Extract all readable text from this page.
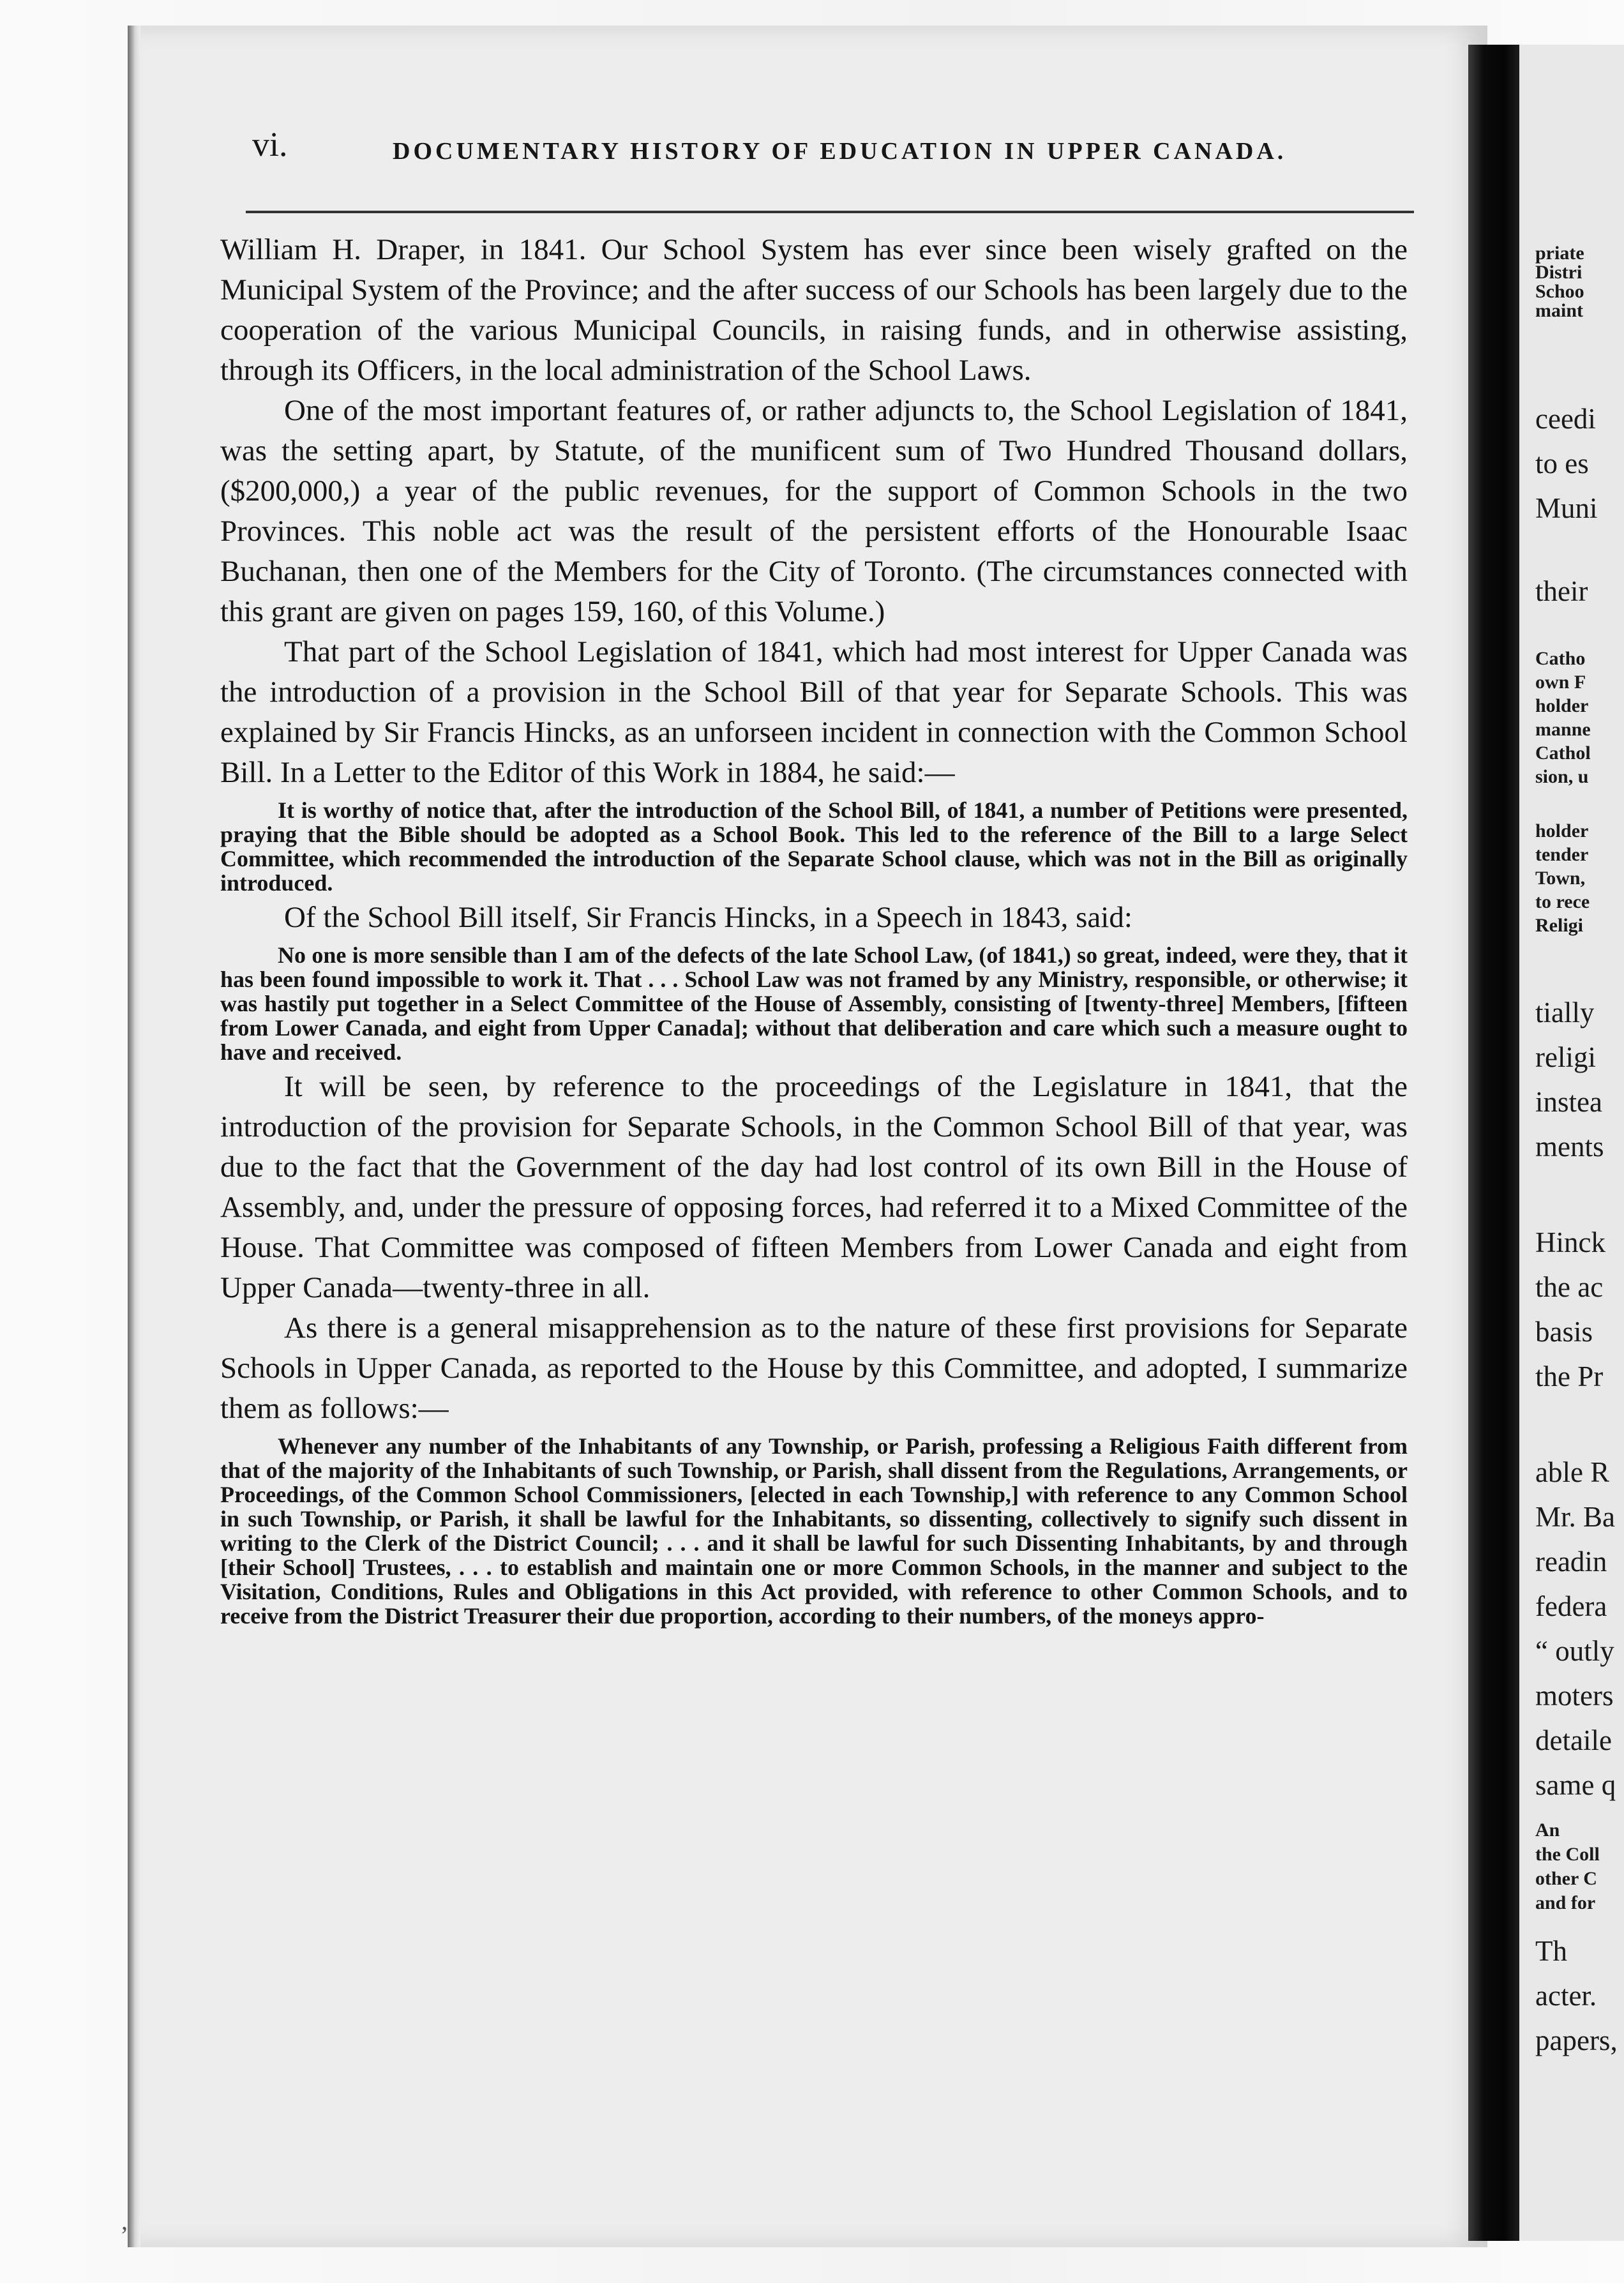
vi.	DOCUMENTARY HISTORY OF EDUCATION IN UPPER CANADA.

William H. Draper, in 1841. Our School System has ever since been wisely grafted on the Municipal System of the Province; and the after success of our Schools has been largely due to the cooperation of the various Municipal Councils, in raising funds, and in otherwise assisting, through its Officers, in the local administration of the School Laws.

One of the most important features of, or rather adjuncts to, the School Legislation of 1841, was the setting apart, by Statute, of the munificent sum of Two Hundred Thousand dollars, ($200,000,) a year of the public revenues, for the support of Common Schools in the two Provinces. This noble act was the result of the persistent efforts of the Honourable Isaac Buchanan, then one of the Members for the City of Toronto. (The circumstances connected with this grant are given on pages 159, 160, of this Volume.)

That part of the School Legislation of 1841, which had most interest for Upper Canada was the introduction of a provision in the School Bill of that year for Separate Schools. This was explained by Sir Francis Hincks, as an unforseen incident in connection with the Common School Bill. In a Letter to the Editor of this Work in 1884, he said:—

It is worthy of notice that, after the introduction of the School Bill, of 1841, a number of Petitions were presented, praying that the Bible should be adopted as a School Book. This led to the reference of the Bill to a large Select Committee, which recommended the introduction of the Separate School clause, which was not in the Bill as originally introduced.

Of the School Bill itself, Sir Francis Hincks, in a Speech in 1843, said:

No one is more sensible than I am of the defects of the late School Law, (of 1841,) so great, indeed, were they, that it has been found impossible to work it. That . . . School Law was not framed by any Ministry, responsible, or otherwise; it was hastily put together in a Select Committee of the House of Assembly, consisting of [twenty-three] Members, [fifteen from Lower Canada, and eight from Upper Canada]; without that deliberation and care which such a measure ought to have and received.

It will be seen, by reference to the proceedings of the Legislature in 1841, that the introduction of the provision for Separate Schools, in the Common School Bill of that year, was due to the fact that the Government of the day had lost control of its own Bill in the House of Assembly, and, under the pressure of opposing forces, had referred it to a Mixed Committee of the House. That Committee was composed of fifteen Members from Lower Canada and eight from Upper Canada—twenty-three in all.

As there is a general misapprehension as to the nature of these first provisions for Separate Schools in Upper Canada, as reported to the House by this Committee, and adopted, I summarize them as follows:—

Whenever any number of the Inhabitants of any Township, or Parish, professing a Religious Faith different from that of the majority of the Inhabitants of such Township, or Parish, shall dissent from the Regulations, Arrangements, or Proceedings, of the Common School Commissioners, [elected in each Township,] with reference to any Common School in such Township, or Parish, it shall be lawful for the Inhabitants, so dissenting, collectively to signify such dissent in writing to the Clerk of the District Council; . . . and it shall be lawful for such Dissenting Inhabitants, by and through [their School] Trustees, . . . to establish and maintain one or more Common Schools, in the manner and subject to the Visitation, Conditions, Rules and Obligations in this Act provided, with reference to other Common Schools, and to receive from the District Treasurer their due proportion, according to their numbers, of the moneys appro-

priate
Distri
Schoo
maint
ceedi
to es
Muni
their
Catho
own F
holder
manne
Cathol
sion, u
holder
tender
Town,
to rece
Religi
tially
religi
instea
ments
Hinck
the ac
basis
the Pr
able R
Mr. Ba
readin
federa
“ outly
moters
detaile
same q
An
the Coll
other C
and for
Th
acter.
papers,
,
